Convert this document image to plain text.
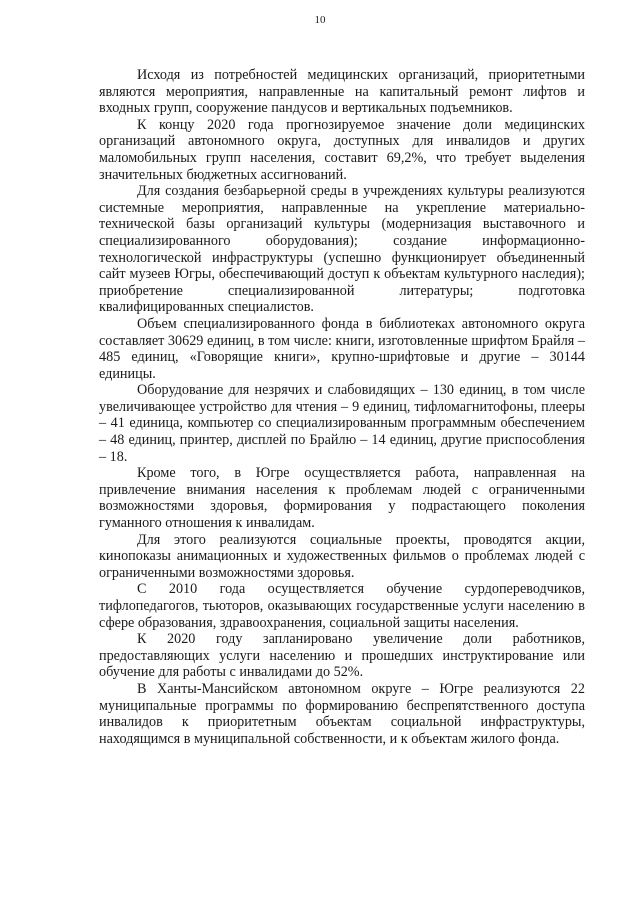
10

Исходя из потребностей медицинских организаций, приоритетными являются мероприятия, направленные на капитальный ремонт лифтов и входных групп, сооружение пандусов и вертикальных подъемников.

К концу 2020 года прогнозируемое значение доли медицинских организаций автономного округа, доступных для инвалидов и других маломобильных групп населения, составит 69,2%, что требует выделения значительных бюджетных ассигнований.

Для создания безбарьерной среды в учреждениях культуры реализуются системные мероприятия, направленные на укрепление материально-технической базы организаций культуры (модернизация выставочного и специализированного оборудования); создание информационно-технологической инфраструктуры (успешно функционирует объединенный сайт музеев Югры, обеспечивающий доступ к объектам культурного наследия); приобретение специализированной литературы; подготовка квалифицированных специалистов.

Объем специализированного фонда в библиотеках автономного округа составляет 30629 единиц, в том числе: книги, изготовленные шрифтом Брайля – 485 единиц, «Говорящие книги», крупно-шрифтовые и другие – 30144 единицы.

Оборудование для незрячих и слабовидящих – 130 единиц, в том числе увеличивающее устройство для чтения – 9 единиц, тифломагнитофоны, плееры – 41 единица, компьютер со специализированным программным обеспечением – 48 единиц, принтер, дисплей по Брайлю – 14 единиц, другие приспособления – 18.

Кроме того, в Югре осуществляется работа, направленная на привлечение внимания населения к проблемам людей с ограниченными возможностями здоровья, формирования у подрастающего поколения гуманного отношения к инвалидам.

Для этого реализуются социальные проекты, проводятся акции, кинопоказы анимационных и художественных фильмов о проблемах людей с ограниченными возможностями здоровья.

С 2010 года осуществляется обучение сурдопереводчиков, тифлопедагогов, тьюторов, оказывающих государственные услуги населению в сфере образования, здравоохранения, социальной защиты населения.

К 2020 году запланировано увеличение доли работников, предоставляющих услуги населению и прошедших инструктирование или обучение для работы с инвалидами до 52%.

В Ханты-Мансийском автономном округе – Югре реализуются 22 муниципальные программы по формированию беспрепятственного доступа инвалидов к приоритетным объектам социальной инфраструктуры, находящимся в муниципальной собственности, и к объектам жилого фонда.
